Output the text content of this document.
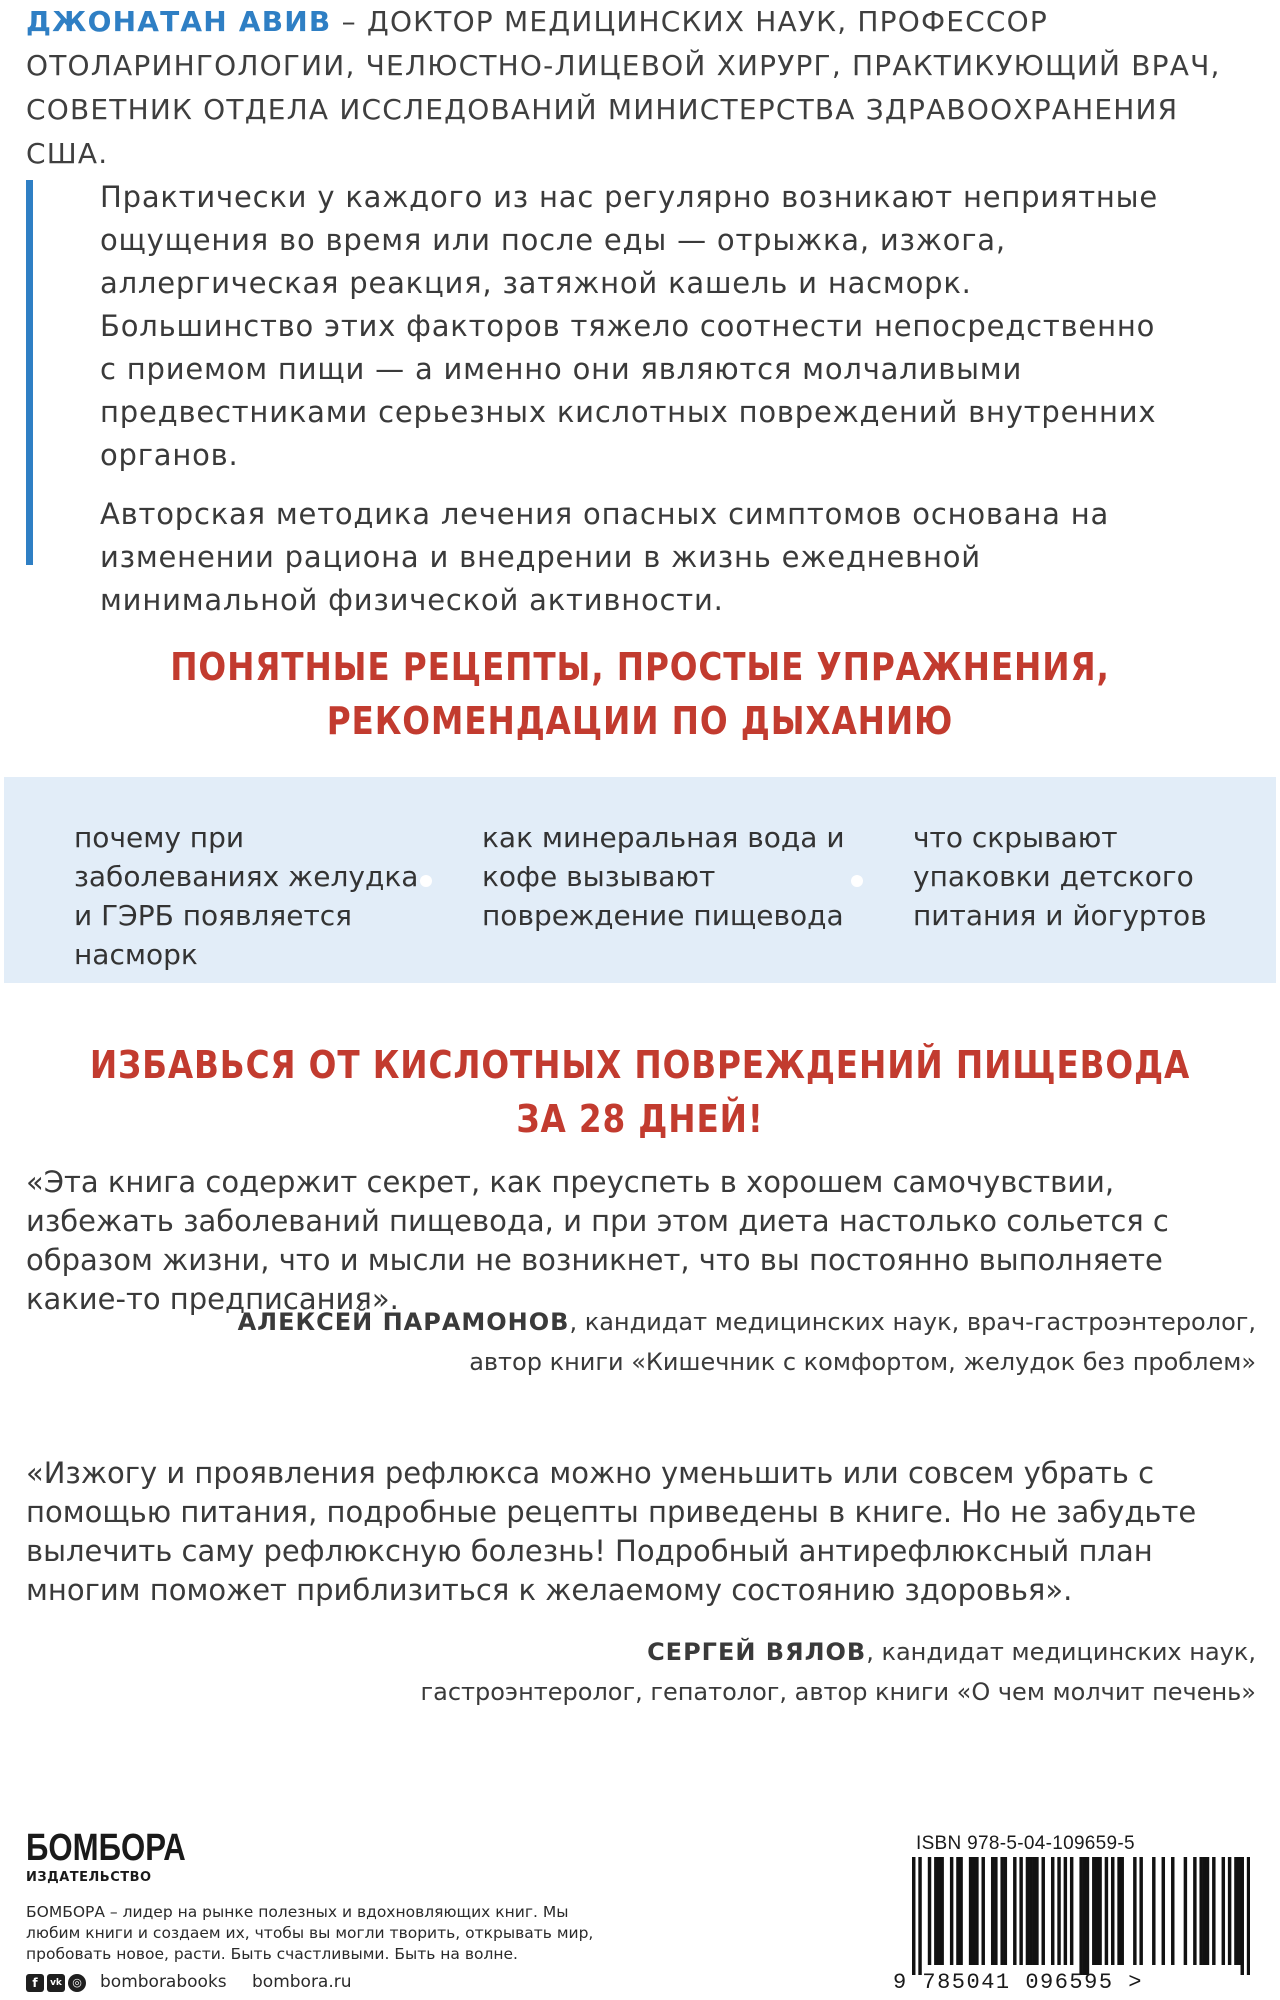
ДЖОНАТАН АВИВ – ДОКТОР МЕДИЦИНСКИХ НАУК, ПРОФЕССОР ОТОЛАРИНГОЛОГИИ, ЧЕЛЮСТНО-ЛИЦЕВОЙ ХИРУРГ, ПРАКТИКУЮЩИЙ ВРАЧ, СОВЕТНИК ОТДЕЛА ИССЛЕДОВАНИЙ МИНИСТЕРСТВА ЗДРАВООХРАНЕНИЯ США.

Практически у каждого из нас регулярно возникают неприятные ощущения во время или после еды — отрыжка, изжога, аллергическая реакция, затяжной кашель и насморк. Большинство этих факторов тяжело соотнести непосредственно с приемом пищи — а именно они являются молчаливыми предвестниками серьезных кислотных повреждений внутренних органов.

Авторская методика лечения опасных симптомов основана на изменении рациона и внедрении в жизнь ежедневной минимальной физической активности.

ПОНЯТНЫЕ РЕЦЕПТЫ, ПРОСТЫЕ УПРАЖНЕНИЯ,
РЕКОМЕНДАЦИИ ПО ДЫХАНИЮ
почему при заболеваниях желудка и ГЭРБ появляется насморк
как минеральная вода и кофе вызывают повреждение пищевода
что скрывают упаковки детского питания и йогуртов
ИЗБАВЬСЯ ОТ КИСЛОТНЫХ ПОВРЕЖДЕНИЙ ПИЩЕВОДА ЗА 28 ДНЕЙ!
«Эта книга содержит секрет, как преуспеть в хорошем самочувствии, избежать заболеваний пищевода, и при этом диета настолько сольется с образом жизни, что и мысли не возникнет, что вы постоянно выполняете какие-то предписания».
АЛЕКСЕЙ ПАРАМОНОВ, кандидат медицинских наук, врач-гастроэнтеролог,
автор книги «Кишечник с комфортом, желудок без проблем»
«Изжогу и проявления рефлюкса можно уменьшить или совсем убрать с помощью питания, подробные рецепты приведены в книге. Но не забудьте вылечить саму рефлюксную болезнь! Подробный антирефлюксный план многим поможет приблизиться к желаемому состоянию здоровья».
СЕРГЕЙ ВЯЛОВ, кандидат медицинских наук,
гастроэнтеролог, гепатолог, автор книги «О чем молчит печень»
БОМБОРА
ИЗДАТЕЛЬСТВО
БОМБОРА – лидер на рынке полезных и вдохновляющих книг. Мы любим книги и создаем их, чтобы вы могли творить, открывать мир, пробовать новое, расти. Быть счастливыми. Быть на волне.
f	vk ◎ bomborabooks bombora.ru
ISBN 978-5-04-109659-5
9 785041 096595 >
